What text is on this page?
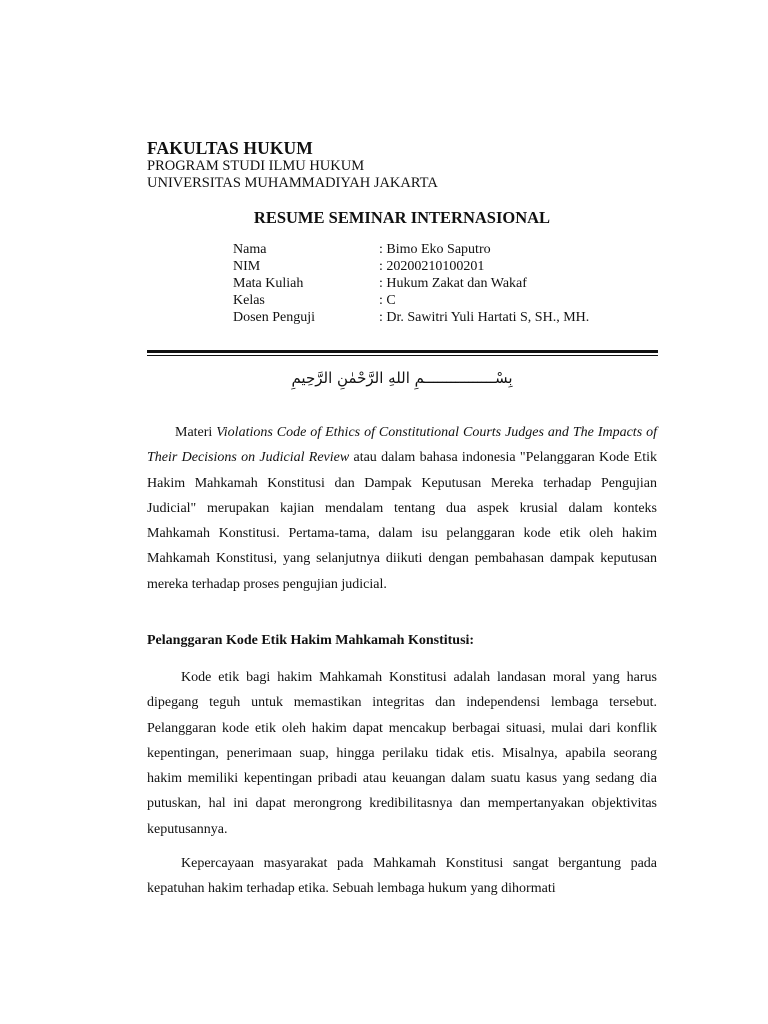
FAKULTAS HUKUM

PROGRAM STUDI ILMU HUKUM

UNIVERSITAS MUHAMMADIYAH JAKARTA

RESUME SEMINAR INTERNASIONAL

Nama	: Bimo Eko Saputro
NIM	: 20200210100201
Mata Kuliah	: Hukum Zakat dan Wakaf
Kelas	: C
Dosen Penguji	: Dr. Sawitri Yuli Hartati S, SH., MH.
بِسْــــــــــــــــمِ اللهِ الرَّحْمٰنِ الرَّحِيمِ

Materi Violations Code of Ethics of Constitutional Courts Judges and The Impacts of Their Decisions on Judicial Review atau dalam bahasa indonesia "Pelanggaran Kode Etik Hakim Mahkamah Konstitusi dan Dampak Keputusan Mereka terhadap Pengujian Judicial" merupakan kajian mendalam tentang dua aspek krusial dalam konteks Mahkamah Konstitusi. Pertama-tama, dalam isu pelanggaran kode etik oleh hakim Mahkamah Konstitusi, yang selanjutnya diikuti dengan pembahasan dampak keputusan mereka terhadap proses pengujian judicial.

Pelanggaran Kode Etik Hakim Mahkamah Konstitusi:

Kode etik bagi hakim Mahkamah Konstitusi adalah landasan moral yang harus dipegang teguh untuk memastikan integritas dan independensi lembaga tersebut. Pelanggaran kode etik oleh hakim dapat mencakup berbagai situasi, mulai dari konflik kepentingan, penerimaan suap, hingga perilaku tidak etis. Misalnya, apabila seorang hakim memiliki kepentingan pribadi atau keuangan dalam suatu kasus yang sedang dia putuskan, hal ini dapat merongrong kredibilitasnya dan mempertanyakan objektivitas keputusannya.

Kepercayaan masyarakat pada Mahkamah Konstitusi sangat bergantung pada kepatuhan hakim terhadap etika. Sebuah lembaga hukum yang dihormati
